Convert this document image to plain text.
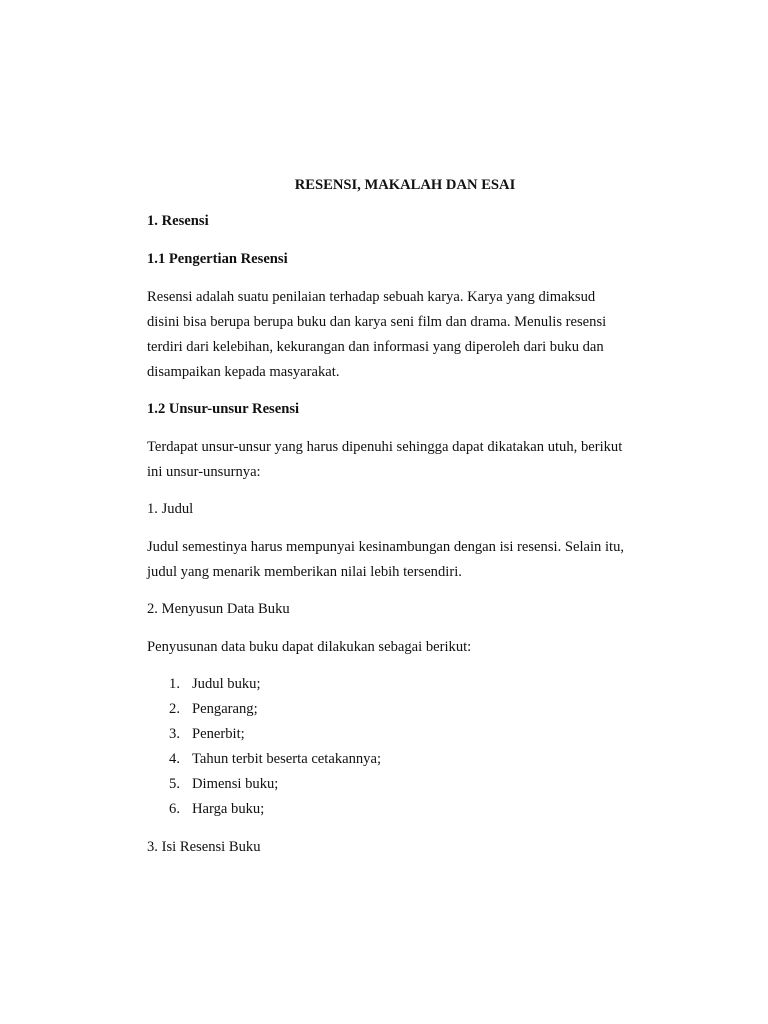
RESENSI, MAKALAH DAN ESAI
1. Resensi
1.1 Pengertian Resensi
Resensi adalah suatu penilaian terhadap sebuah karya. Karya yang dimaksud
disini bisa berupa berupa buku dan karya seni film dan drama. Menulis resensi
terdiri dari kelebihan, kekurangan dan informasi yang diperoleh dari buku dan
disampaikan kepada masyarakat.
1.2 Unsur-unsur Resensi
Terdapat unsur-unsur yang harus dipenuhi sehingga dapat dikatakan utuh, berikut
ini unsur-unsurnya:
1. Judul
Judul semestinya harus mempunyai kesinambungan dengan isi resensi. Selain itu,
judul yang menarik memberikan nilai lebih tersendiri.
2. Menyusun Data Buku
Penyusunan data buku dapat dilakukan sebagai berikut:
1. Judul buku;
2. Pengarang;
3. Penerbit;
4. Tahun terbit beserta cetakannya;
5. Dimensi buku;
6. Harga buku;
3. Isi Resensi Buku
